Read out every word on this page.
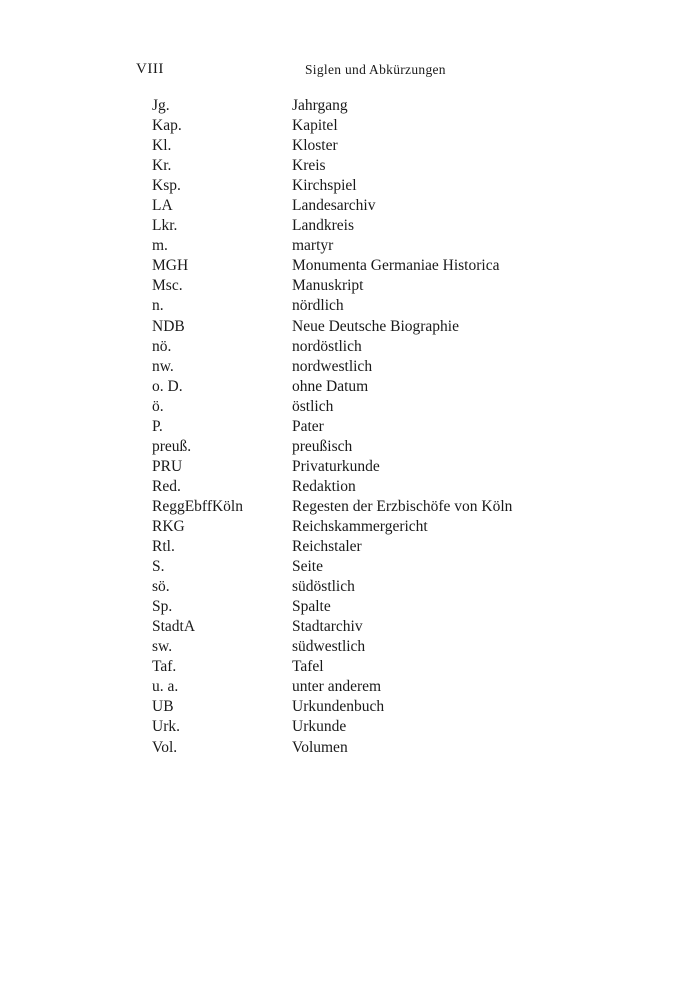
VIII	Siglen und Abkürzungen
Jg.	Jahrgang
Kap.	Kapitel
Kl.	Kloster
Kr.	Kreis
Ksp.	Kirchspiel
LA	Landesarchiv
Lkr.	Landkreis
m.	martyr
MGH	Monumenta Germaniae Historica
Msc.	Manuskript
n.	nördlich
NDB	Neue Deutsche Biographie
nö.	nordöstlich
nw.	nordwestlich
o. D.	ohne Datum
ö.	östlich
P.	Pater
preuß.	preußisch
PRU	Privaturkunde
Red.	Redaktion
ReggEbffKöln	Regesten der Erzbischöfe von Köln
RKG	Reichskammergericht
Rtl.	Reichstaler
S.	Seite
sö.	südöstlich
Sp.	Spalte
StadtA	Stadtarchiv
sw.	südwestlich
Taf.	Tafel
u. a.	unter anderem
UB	Urkundenbuch
Urk.	Urkunde
Vol.	Volumen
